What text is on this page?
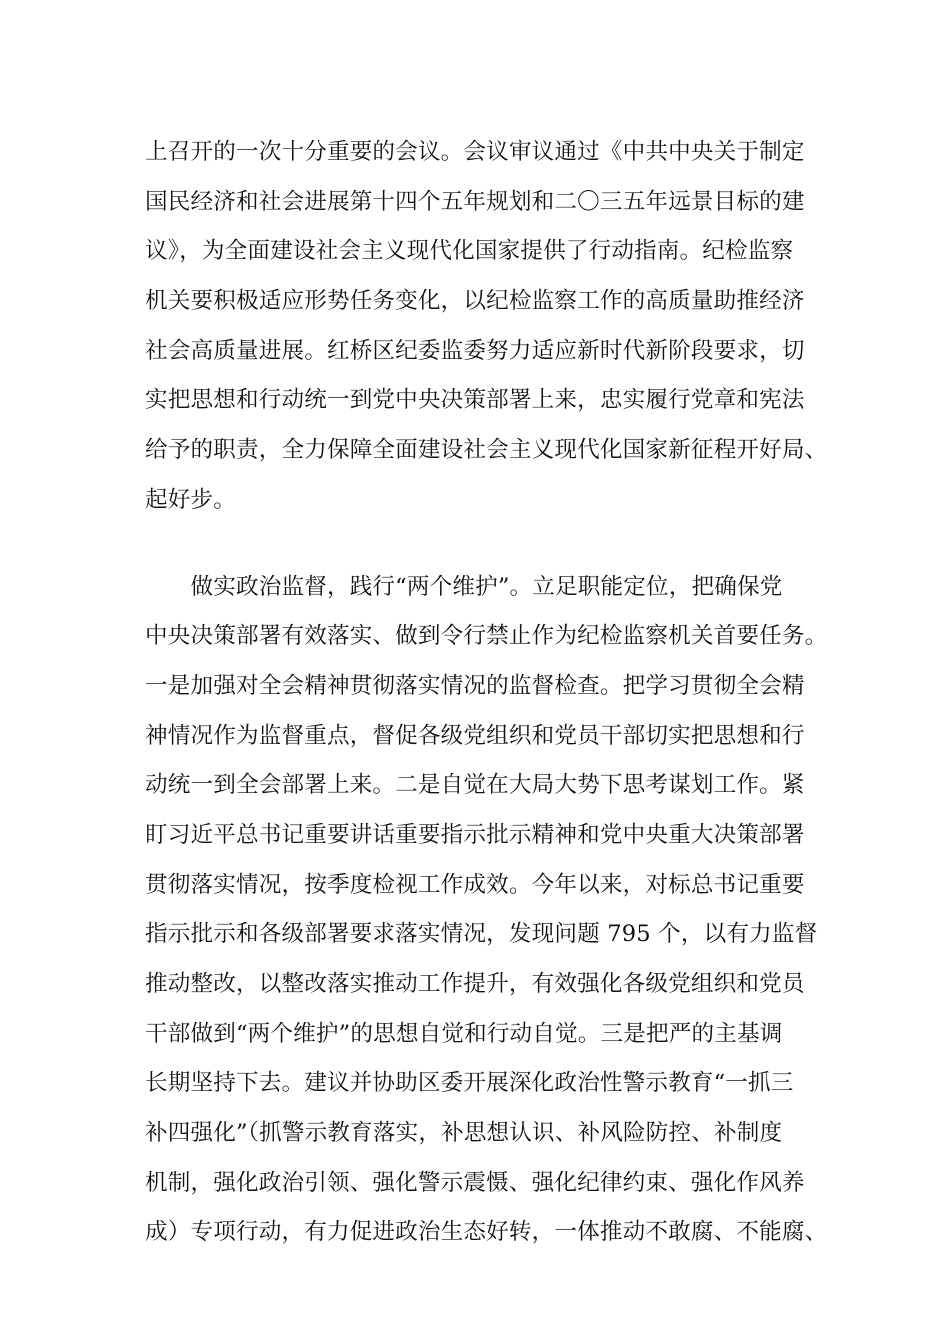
上召开的一次十分重要的会议。会议审议通过《中共中央关于制定
国民经济和社会进展第十四个五年规划和二〇三五年远景目标的建
议》，为全面建设社会主义现代化国家提供了行动指南。纪检监察
机关要积极适应形势任务变化，以纪检监察工作的高质量助推经济
社会高质量进展。红桥区纪委监委努力适应新时代新阶段要求，切
实把思想和行动统一到党中央决策部署上来，忠实履行党章和宪法
给予的职责，全力保障全面建设社会主义现代化国家新征程开好局、
起好步。
　　做实政治监督，践行“两个维护”。立足职能定位，把确保党
中央决策部署有效落实、做到令行禁止作为纪检监察机关首要任务。
一是加强对全会精神贯彻落实情况的监督检查。把学习贯彻全会精
神情况作为监督重点，督促各级党组织和党员干部切实把思想和行
动统一到全会部署上来。二是自觉在大局大势下思考谋划工作。紧
盯习近平总书记重要讲话重要指示批示精神和党中央重大决策部署
贯彻落实情况，按季度检视工作成效。今年以来，对标总书记重要
指示批示和各级部署要求落实情况，发现问题 795 个，以有力监督
推动整改，以整改落实推动工作提升，有效强化各级党组织和党员
干部做到“两个维护”的思想自觉和行动自觉。三是把严的主基调
长期坚持下去。建议并协助区委开展深化政治性警示教育“一抓三
补四强化”（抓警示教育落实，补思想认识、补风险防控、补制度
机制，强化政治引领、强化警示震慑、强化纪律约束、强化作风养
成）专项行动，有力促进政治生态好转，一体推动不敢腐、不能腐、
